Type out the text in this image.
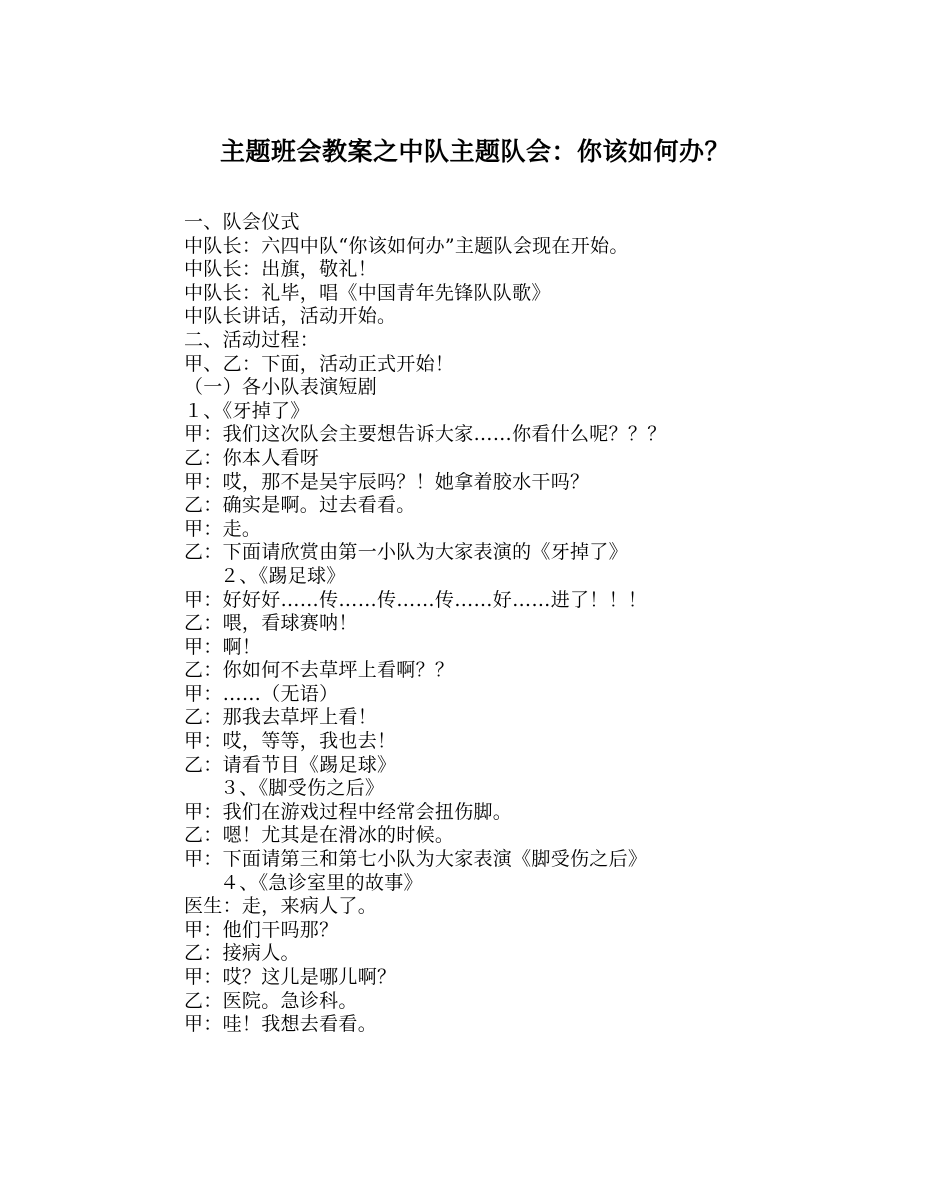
主题班会教案之中队主题队会：你该如何办？
一、队会仪式
中队长：六四中队“你该如何办”主题队会现在开始。
中队长：出旗，敬礼！
中队长：礼毕，唱《中国青年先锋队队歌》
中队长讲话，活动开始。
二、活动过程：
甲、乙：下面，活动正式开始！
（一）各小队表演短剧
１、《牙掉了》
甲：我们这次队会主要想告诉大家……你看什么呢？？？
乙：你本人看呀
甲：哎，那不是吴宇辰吗？！她拿着胶水干吗？
乙：确实是啊。过去看看。
甲：走。
乙：下面请欣赏由第一小队为大家表演的《牙掉了》
２、《踢足球》
甲：好好好……传……传……传……好……进了！！！
乙：喂，看球赛呐！
甲：啊！
乙：你如何不去草坪上看啊？？
甲：……（无语）
乙：那我去草坪上看！
甲：哎，等等，我也去！
乙：请看节目《踢足球》
３、《脚受伤之后》
甲：我们在游戏过程中经常会扭伤脚。
乙：嗯！尤其是在滑冰的时候。
甲：下面请第三和第七小队为大家表演《脚受伤之后》
４、《急诊室里的故事》
医生：走，来病人了。
甲：他们干吗那？
乙：接病人。
甲：哎？这儿是哪儿啊？
乙：医院。急诊科。
甲：哇！我想去看看。
